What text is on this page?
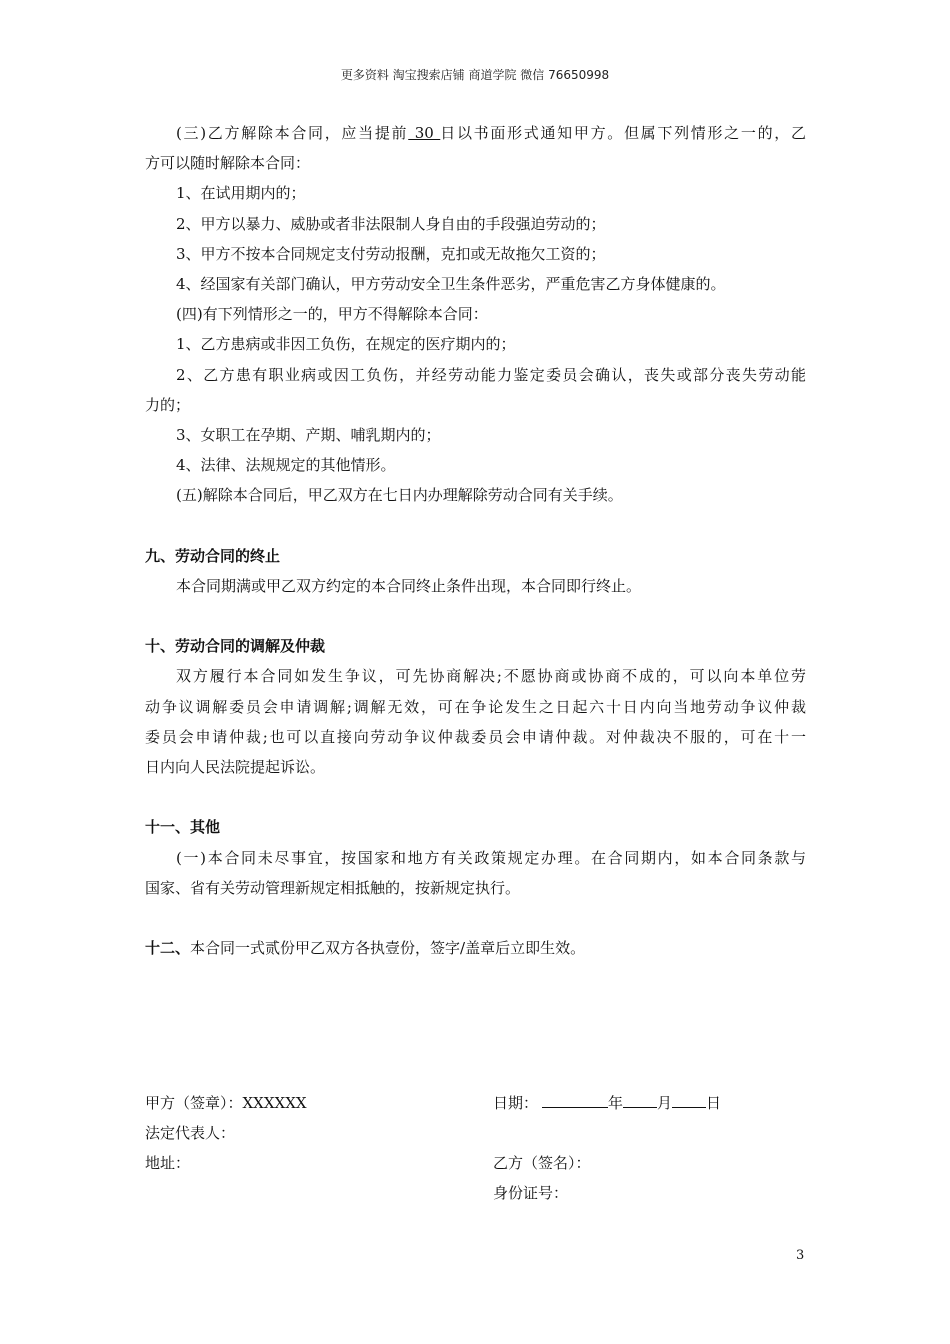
更多资料 淘宝搜索店铺 商道学院 微信 76650998
(三)乙方解除本合同，应当提前 30 日以书面形式通知甲方。但属下列情形之一的，乙
方可以随时解除本合同：
1、在试用期内的；
2、甲方以暴力、威胁或者非法限制人身自由的手段强迫劳动的；
3、甲方不按本合同规定支付劳动报酬，克扣或无故拖欠工资的；
4、经国家有关部门确认，甲方劳动安全卫生条件恶劣，严重危害乙方身体健康的。
(四)有下列情形之一的，甲方不得解除本合同：
1、乙方患病或非因工负伤，在规定的医疗期内的；
2、乙方患有职业病或因工负伤，并经劳动能力鉴定委员会确认，丧失或部分丧失劳动能
力的；
3、女职工在孕期、产期、哺乳期内的；
4、法律、法规规定的其他情形。
(五)解除本合同后，甲乙双方在七日内办理解除劳动合同有关手续。
九、劳动合同的终止
本合同期满或甲乙双方约定的本合同终止条件出现，本合同即行终止。
十、劳动合同的调解及仲裁
双方履行本合同如发生争议，可先协商解决;不愿协商或协商不成的，可以向本单位劳
动争议调解委员会申请调解;调解无效，可在争论发生之日起六十日内向当地劳动争议仲裁
委员会申请仲裁;也可以直接向劳动争议仲裁委员会申请仲裁。对仲裁决不服的，可在十一
日内向人民法院提起诉讼。
十一、其他
(一)本合同未尽事宜，按国家和地方有关政策规定办理。在合同期内，如本合同条款与
国家、省有关劳动管理新规定相抵触的，按新规定执行。
十二、本合同一式贰份甲乙双方各执壹份，签字/盖章后立即生效。
甲方（签章）：XXXXXX
法定代表人：
地址：
日期：	年 月 日
乙方（签名）：
身份证号：
3
